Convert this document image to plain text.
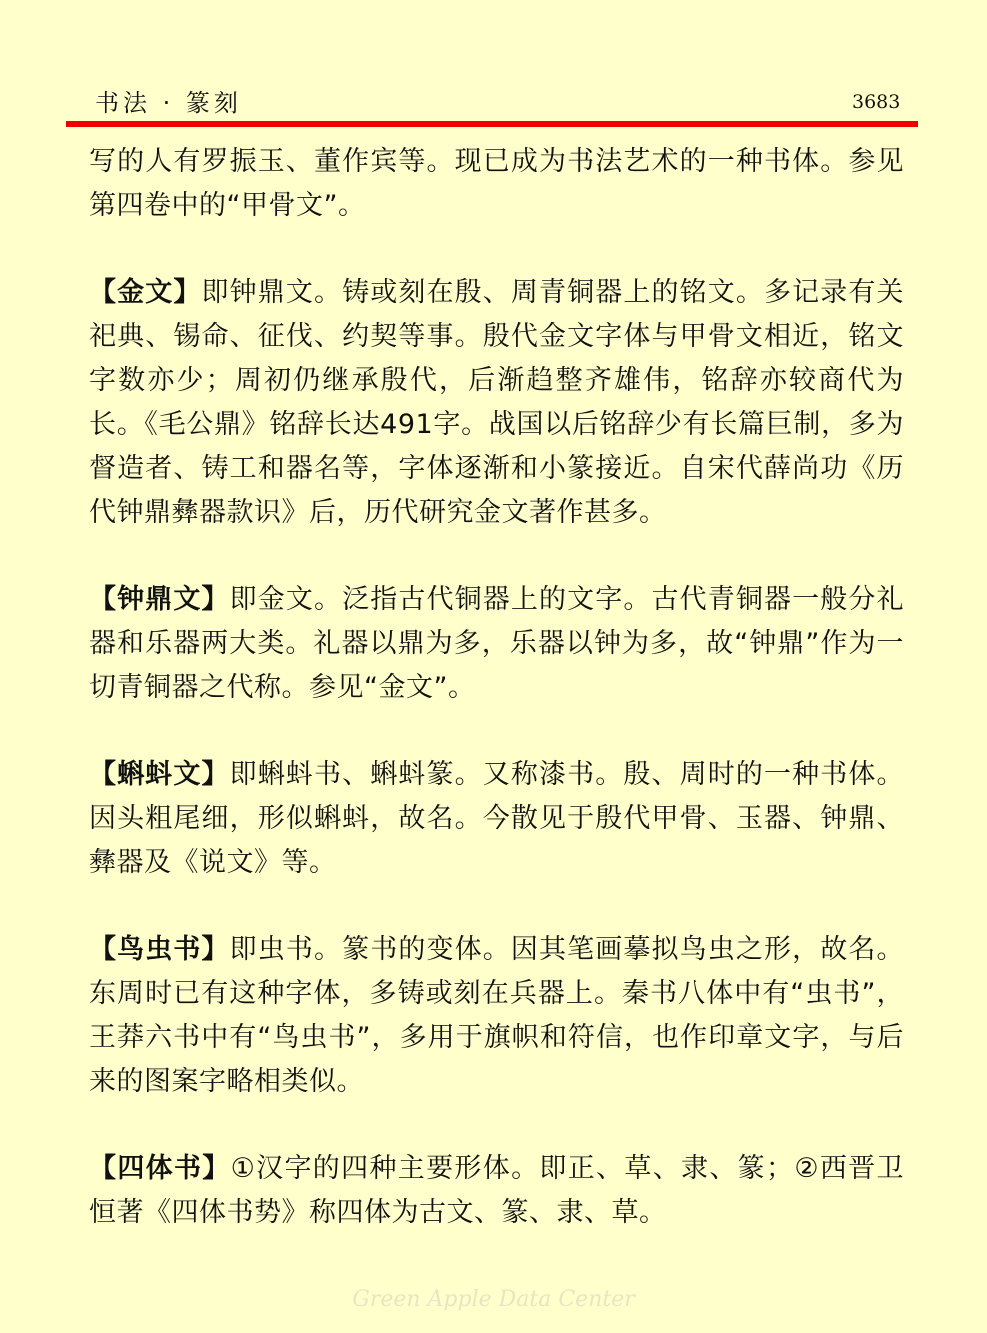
书法 · 篆刻	3683

写的人有罗振玉、董作宾等。现已成为书法艺术的一种书体。参见第四卷中的“甲骨文”。

【金文】即钟鼎文。铸或刻在殷、周青铜器上的铭文。多记录有关祀典、锡命、征伐、约契等事。殷代金文字体与甲骨文相近，铭文字数亦少；周初仍继承殷代，后渐趋整齐雄伟，铭辞亦较商代为长。《毛公鼎》铭辞长达491字。战国以后铭辞少有长篇巨制，多为督造者、铸工和器名等，字体逐渐和小篆接近。自宋代薛尚功《历代钟鼎彝器款识》后，历代研究金文著作甚多。

【钟鼎文】即金文。泛指古代铜器上的文字。古代青铜器一般分礼器和乐器两大类。礼器以鼎为多，乐器以钟为多，故“钟鼎”作为一切青铜器之代称。参见“金文”。

【蝌蚪文】即蝌蚪书、蝌蚪篆。又称漆书。殷、周时的一种书体。因头粗尾细，形似蝌蚪，故名。今散见于殷代甲骨、玉器、钟鼎、彝器及《说文》等。

【鸟虫书】即虫书。篆书的变体。因其笔画摹拟鸟虫之形，故名。东周时已有这种字体，多铸或刻在兵器上。秦书八体中有“虫书”，王莽六书中有“鸟虫书”，多用于旗帜和符信，也作印章文字，与后来的图案字略相类似。

【四体书】①汉字的四种主要形体。即正、草、隶、篆；②西晋卫恒著《四体书势》称四体为古文、篆、隶、草。

Green Apple Data Center
